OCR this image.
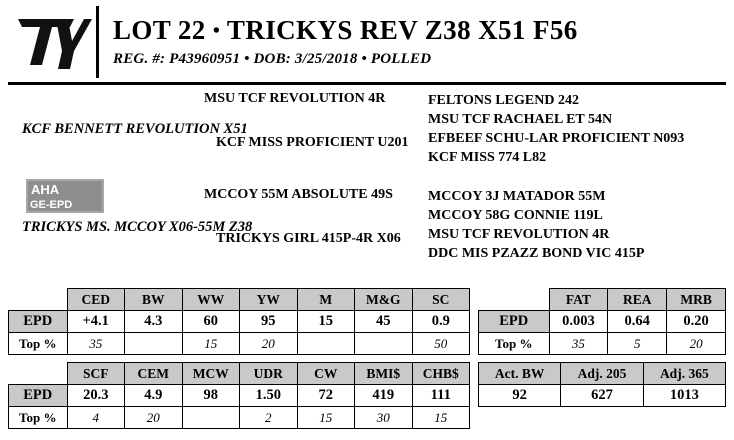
LOT 22 • TRICKYS REV Z38 X51 F56
REG. #: P43960951 • DOB: 3/25/2018 • POLLED
KCF BENNETT REVOLUTION X51
MSU TCF REVOLUTION 4R
KCF MISS PROFICIENT U201
FELTONS LEGEND 242
MSU TCF RACHAEL ET 54N
EFBEEF SCHU-LAR PROFICIENT N093
KCF MISS 774 L82
TRICKYS MS. MCCOY X06-55M Z38
MCCOY 55M ABSOLUTE 49S
TRICKYS GIRL 415P-4R X06
MCCOY 3J MATADOR 55M
MCCOY 58G CONNIE 119L
MSU TCF REVOLUTION 4R
DDC MIS PZAZZ BOND VIC 415P
AHA
GE-EPD
	CED	BW	WW	YW	M	M&G	SC
EPD	+4.1	4.3	60	95	15	45	0.9
Top %	35		15	20			50
	SCF	CEM	MCW	UDR	CW	BMI$	CHB$
EPD	20.3	4.9	98	1.50	72	419	111
Top %	4	20		2	15	30	15
	FAT	REA	MRB
EPD	0.003	0.64	0.20
Top %	35	5	20
Act. BW	Adj. 205	Adj. 365
92	627	1013
